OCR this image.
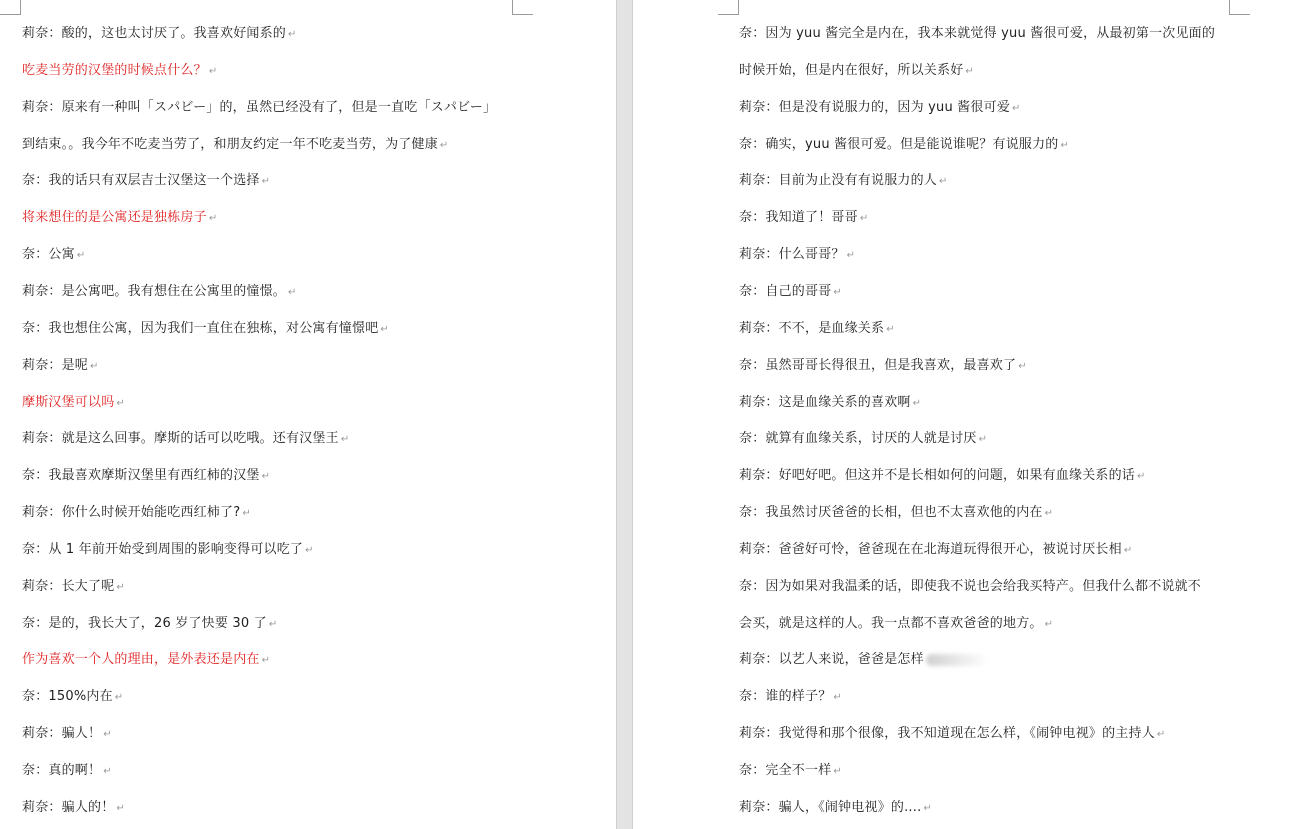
莉奈：酸的，这也太讨厌了。我喜欢好闻系的 ↵
吃麦当劳的汉堡的时候点什么？ ↵
莉奈：原来有一种叫「スパビー」的，虽然已经没有了，但是一直吃「スパビー」
到结束。。我今年不吃麦当劳了，和朋友约定一年不吃麦当劳，为了健康 ↵
奈：我的话只有双层吉士汉堡这一个选择 ↵
将来想住的是公寓还是独栋房子 ↵
奈：公寓 ↵
莉奈：是公寓吧。我有想住在公寓里的憧憬。 ↵
奈：我也想住公寓，因为我们一直住在独栋，对公寓有憧憬吧 ↵
莉奈：是呢 ↵
摩斯汉堡可以吗 ↵
莉奈：就是这么回事。摩斯的话可以吃哦。还有汉堡王 ↵
奈：我最喜欢摩斯汉堡里有西红柿的汉堡 ↵
莉奈：你什么时候开始能吃西红柿了? ↵
奈：从 1 年前开始受到周围的影响变得可以吃了 ↵
莉奈：长大了呢 ↵
奈：是的，我长大了，26 岁了快要 30 了 ↵
作为喜欢一个人的理由，是外表还是内在 ↵
奈：150%内在 ↵
莉奈：骗人！ ↵
奈：真的啊！ ↵
莉奈：骗人的！ ↵
奈：因为 yuu 酱完全是内在，我本来就觉得 yuu 酱很可爱，从最初第一次见面的
时候开始，但是内在很好，所以关系好 ↵
莉奈：但是没有说服力的，因为 yuu 酱很可爱 ↵
奈：确实，yuu 酱很可爱。但是能说谁呢？有说服力的 ↵
莉奈：目前为止没有有说服力的人 ↵
奈：我知道了！哥哥 ↵
莉奈：什么哥哥？ ↵
奈：自己的哥哥 ↵
莉奈：不不，是血缘关系 ↵
奈：虽然哥哥长得很丑，但是我喜欢，最喜欢了 ↵
莉奈：这是血缘关系的喜欢啊 ↵
奈：就算有血缘关系，讨厌的人就是讨厌 ↵
莉奈：好吧好吧。但这并不是长相如何的问题，如果有血缘关系的话 ↵
奈：我虽然讨厌爸爸的长相，但也不太喜欢他的内在 ↵
莉奈：爸爸好可怜，爸爸现在在北海道玩得很开心，被说讨厌长相 ↵
奈：因为如果对我温柔的话，即使我不说也会给我买特产。但我什么都不说就不
会买，就是这样的人。我一点都不喜欢爸爸的地方。 ↵
莉奈：以艺人来说，爸爸是怎样
奈：谁的样子？ ↵
莉奈：我觉得和那个很像，我不知道现在怎么样，《闹钟电视》的主持人 ↵
奈：完全不一样 ↵
莉奈：骗人，《闹钟电视》的.... ↵
